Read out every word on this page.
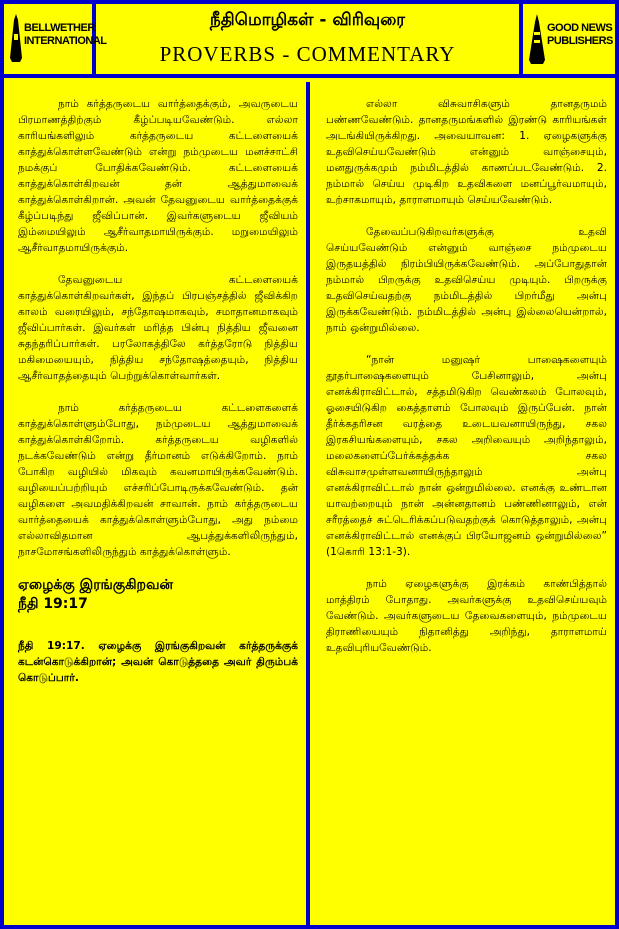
BELLWETHER
INTERNATIONAL
நீதிமொழிகள் - விரிவுரை
PROVERBS - COMMENTARY
GOOD NEWS
PUBLISHERS

நாம் கர்த்தருடைய வார்த்தைக்கும், அவருடைய பிரமாணத்திற்கும் கீழ்ப்படியவேண்டும். எல்லா காரியங்களிலும் கர்த்தருடைய கட்டளையைக் காத்துக்கொள்ளவேண்டும் என்று நம்முடைய மனச்சாட்சி நமக்குப் போதிக்கவேண்டும். கட்டளையைக் காத்துக்கொள்கிறவன் தன் ஆத்துமாவைக் காத்துக்கொள்கிறான். அவன் தேவனுடைய வார்த்தைக்குக் கீழ்ப்படிந்து ஜீவிப்பான். இவர்களுடைய ஜீவியம் இம்மையிலும் ஆசீர்வாதமாயிருக்கும். மறுமையிலும் ஆசீர்வாதமாயிருக்கும்.

தேவனுடைய கட்டளையைக் காத்துக்கொள்கிறவர்கள், இந்தப் பிரபஞ்சத்தில் ஜீவிக்கிற காலம் வரையிலும், சந்தோஷமாகவும், சமாதானமாகவும் ஜீவிப்பார்கள். இவர்கள் மரித்த பின்பு நித்திய ஜீவனை சுதந்தரிப்பார்கள். பரலோகத்திலே கர்த்தரோடு நித்திய மகிமையையும், நித்திய சந்தோஷத்தையும், நித்திய ஆசீர்வாதத்தையும் பெற்றுக்கொள்வார்கள்.

நாம் கர்த்தருடைய கட்டளைகளைக் காத்துக்கொள்ளும்போது, நம்முடைய ஆத்துமாவைக் காத்துக்கொள்கிறோம். கர்த்தருடைய வழிகளில் நடக்கவேண்டும் என்று தீர்மானம் எடுக்கிறோம். நாம் போகிற வழியில் மிகவும் கவனமாயிருக்கவேண்டும். வழியைப்பற்றியும் எச்சரிப்போடிருக்கவேண்டும். தன் வழிகளை அவமதிக்கிறவன் சாவான். நாம் கர்த்தருடைய வார்த்தையைக் காத்துக்கொள்ளும்போது, அது நம்மை எல்லாவிதமான ஆபத்துக்களிலிருந்தும், நாசமோசங்களிலிருந்தும் காத்துக்கொள்ளும்.

ஏழைக்கு இரங்குகிறவன்
நீதி 19:17

நீதி 19:17. ஏழைக்கு இரங்குகிறவன் கர்த்தருக்குக் கடன்கொடுக்கிறான்; அவன் கொடுத்ததை அவர் திரும்பக் கொடுப்பார்.

எல்லா விசுவாசிகளும் தானதருமம் பண்ணவேண்டும். தானதருமங்களில் இரண்டு காரியங்கள் அடங்கியிருக்கிறது. அவையாவன: 1. ஏழைகளுக்கு உதவிசெய்யவேண்டும் என்னும் வாஞ்சையும், மனதுருக்கமும் நம்மிடத்தில் காணப்படவேண்டும். 2. நம்மால் செய்ய முடிகிற உதவிகளை மனப்பூர்வமாயும், உற்சாகமாயும், தாராளமாயும் செய்யவேண்டும்.

தேவைப்படுகிறவர்களுக்கு உதவி செய்யவேண்டும் என்னும் வாஞ்சை நம்முடைய இருதயத்தில் நிரம்பியிருக்கவேண்டும். அப்போதுதான் நம்மால் பிறருக்கு உதவிசெய்ய முடியும். பிறருக்கு உதவிசெய்வதற்கு நம்மிடத்தில் பிறர்மீது அன்பு இருக்கவேண்டும். நம்மிடத்தில் அன்பு இல்லையென்றால், நாம் ஒன்றுமில்லை.

“நான் மனுஷர் பாஷைகளையும் தூதர்பாஷைகளையும் பேசினாலும், அன்பு எனக்கிராவிட்டால், சத்தமிடுகிற வெண்கலம் போலவும், ஓசையிடுகிற கைத்தாளம் போலவும் இருப்பேன். நான் தீர்க்கதரிசன வரத்தை உடையவனாயிருந்து, சகல இரகசியங்களையும், சகல அறிவையும் அறிந்தாலும், மலைகளைப்பேர்க்கத்தக்க சகல விசுவாசமுள்ளவனாயிருந்தாலும் அன்பு எனக்கிராவிட்டால் நான் ஒன்றுமில்லை. எனக்கு உண்டான யாவற்றையும் நான் அன்னதானம் பண்ணினாலும், என் சரீரத்தைச் சுட்டெரிக்கப்படுவதற்குக் கொடுத்தாலும், அன்பு எனக்கிராவிட்டால் எனக்குப் பிரயோஜனம் ஒன்றுமில்லை” (1கொரி 13:1-3).

நாம் ஏழைகளுக்கு இரக்கம் காண்பித்தால் மாத்திரம் போதாது. அவர்களுக்கு உதவிசெய்யவும் வேண்டும். அவர்களுடைய தேவைகளையும், நம்முடைய திராணியையும் நிதானித்து அறிந்து, தாராளமாய் உதவிபுரியவேண்டும்.
